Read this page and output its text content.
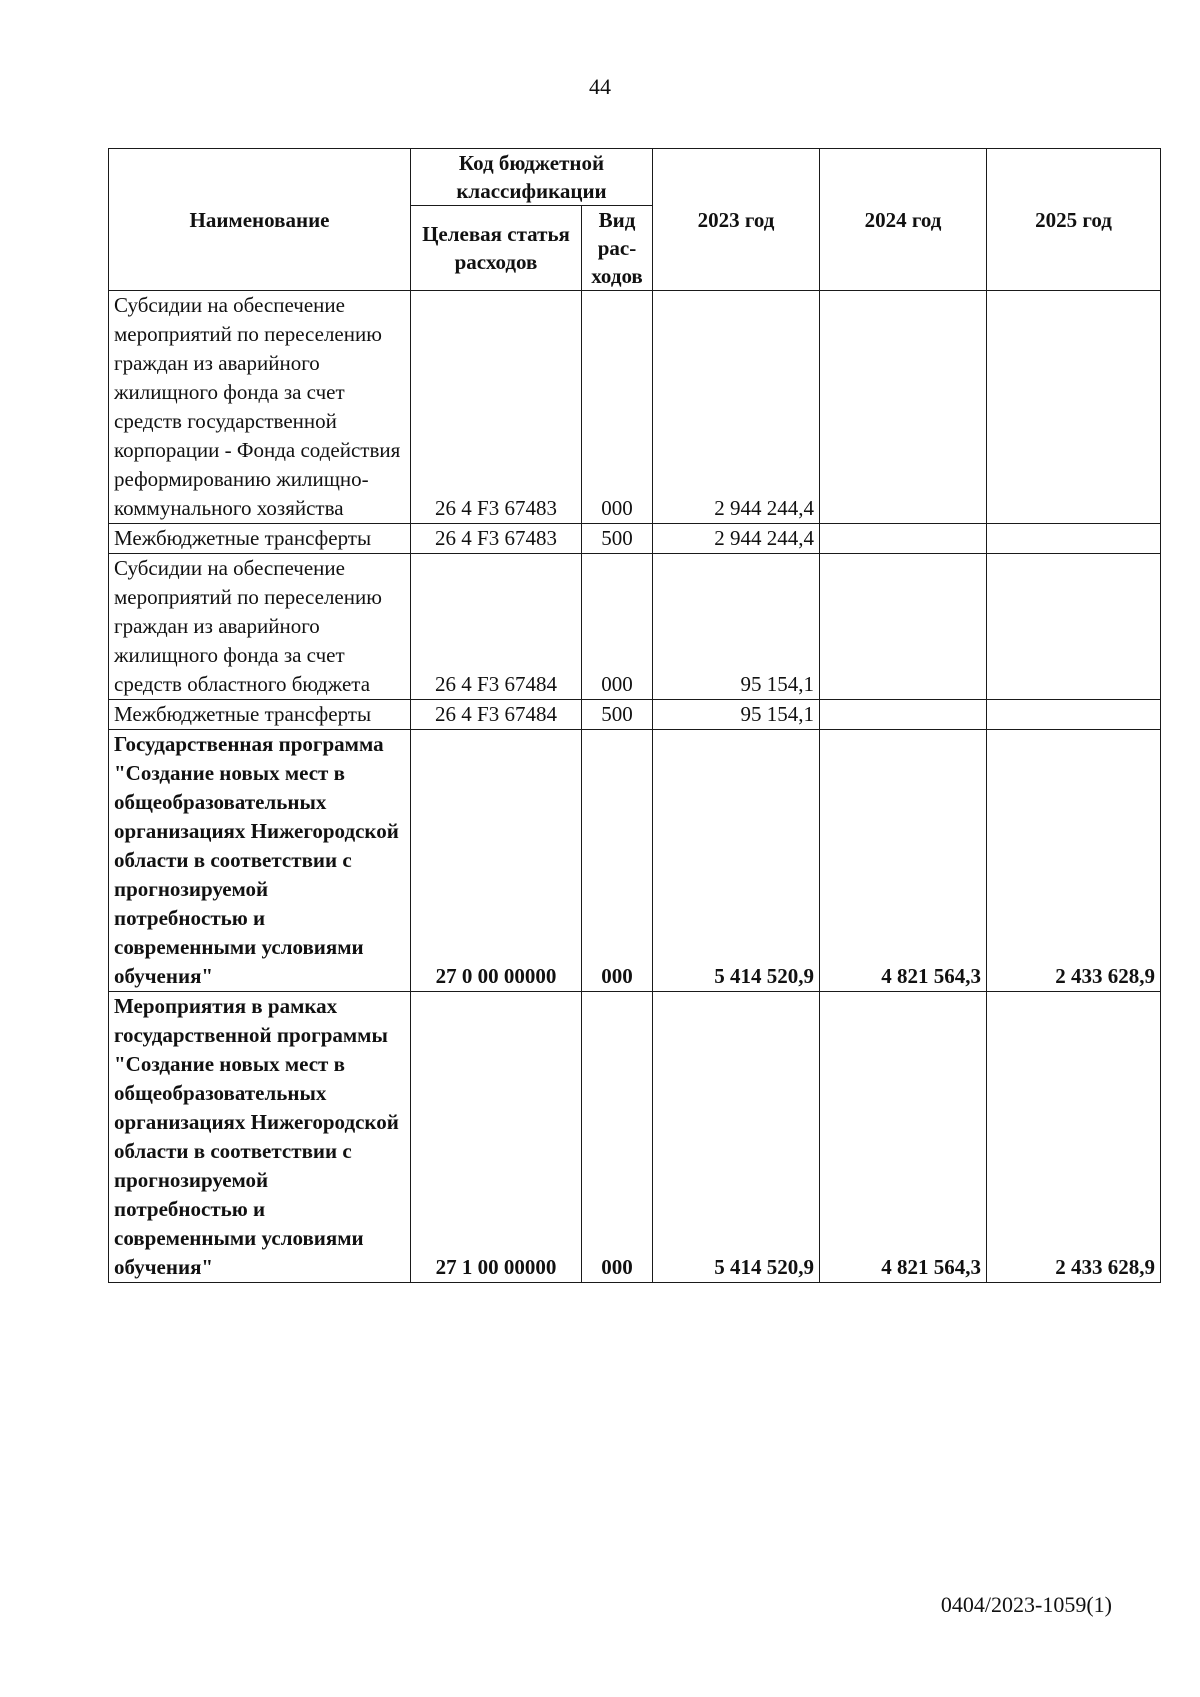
44
Наименование	Код бюджетной классификации		2023 год	2024 год	2025 год
	Целевая статья расходов	Вид рас-ходов			
Субсидии на обеспечение мероприятий по переселению граждан из аварийного жилищного фонда за счет средств государственной корпорации - Фонда содействия реформированию жилищно-коммунального хозяйства	26 4 F3 67483	000	2 944 244,4		
Межбюджетные трансферты	26 4 F3 67483	500	2 944 244,4		
Субсидии на обеспечение мероприятий по переселению граждан из аварийного жилищного фонда за счет средств областного бюджета	26 4 F3 67484	000	95 154,1		
Межбюджетные трансферты	26 4 F3 67484	500	95 154,1		
Государственная программа "Создание новых мест в общеобразовательных организациях Нижегородской области в соответствии с прогнозируемой потребностью и современными условиями обучения"	27 0 00 00000	000	5 414 520,9	4 821 564,3	2 433 628,9
Мероприятия в рамках государственной программы "Создание новых мест в общеобразовательных организациях Нижегородской области в соответствии с прогнозируемой потребностью и современными условиями обучения"	27 1 00 00000	000	5 414 520,9	4 821 564,3	2 433 628,9
0404/2023-1059(1)
